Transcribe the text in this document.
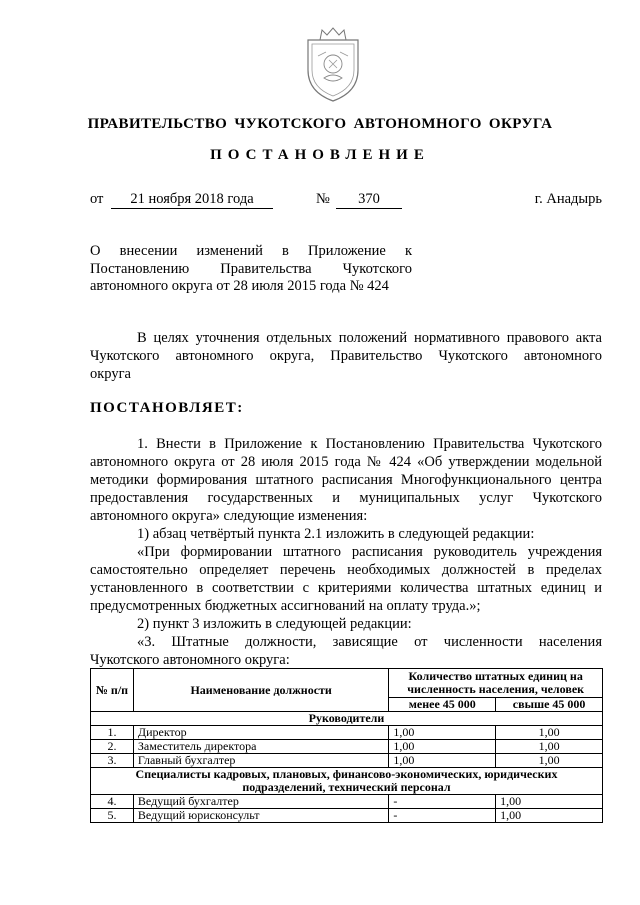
ПРАВИТЕЛЬСТВО ЧУКОТСКОГО АВТОНОМНОГО ОКРУГА
ПОСТАНОВЛЕНИЕ
от	21 ноября 2018 года	№	370	г. Анадырь
О внесении изменений в Приложение к
Постановлению Правительства Чукотского
автономного округа от 28 июля 2015 года № 424
В целях уточнения отдельных положений нормативного правового акта
Чукотского автономного округа, Правительство Чукотского автономного
округа
ПОСТАНОВЛЯЕТ:
1. Внести в Приложение к Постановлению Правительства Чукотского
автономного округа от 28 июля 2015 года № 424 «Об утверждении модельной
методики формирования штатного расписания Многофункционального центра
предоставления государственных и муниципальных услуг Чукотского
автономного округа» следующие изменения:
1) абзац четвёртый пункта 2.1 изложить в следующей редакции:
«При формировании штатного расписания руководитель учреждения
самостоятельно определяет перечень необходимых должностей в пределах
установленного в соответствии с критериями количества штатных единиц и
предусмотренных бюджетных ассигнований на оплату труда.»;
2) пункт 3 изложить в следующей редакции:
«3. Штатные должности, зависящие от численности населения
Чукотского автономного округа:
№ п/п	Наименование должности	Количество штатных единиц на численность населения, человек	
		менее 45 000	свыше 45 000
Руководители			
1.	Директор	1,00	1,00
2.	Заместитель директора	1,00	1,00
3.	Главный бухгалтер	1,00	1,00
Специалисты кадровых, плановых, финансово-экономических, юридических подразделений, технический персонал			
4.	Ведущий бухгалтер	-	1,00
5.	Ведущий юрисконсульт	-	1,00
